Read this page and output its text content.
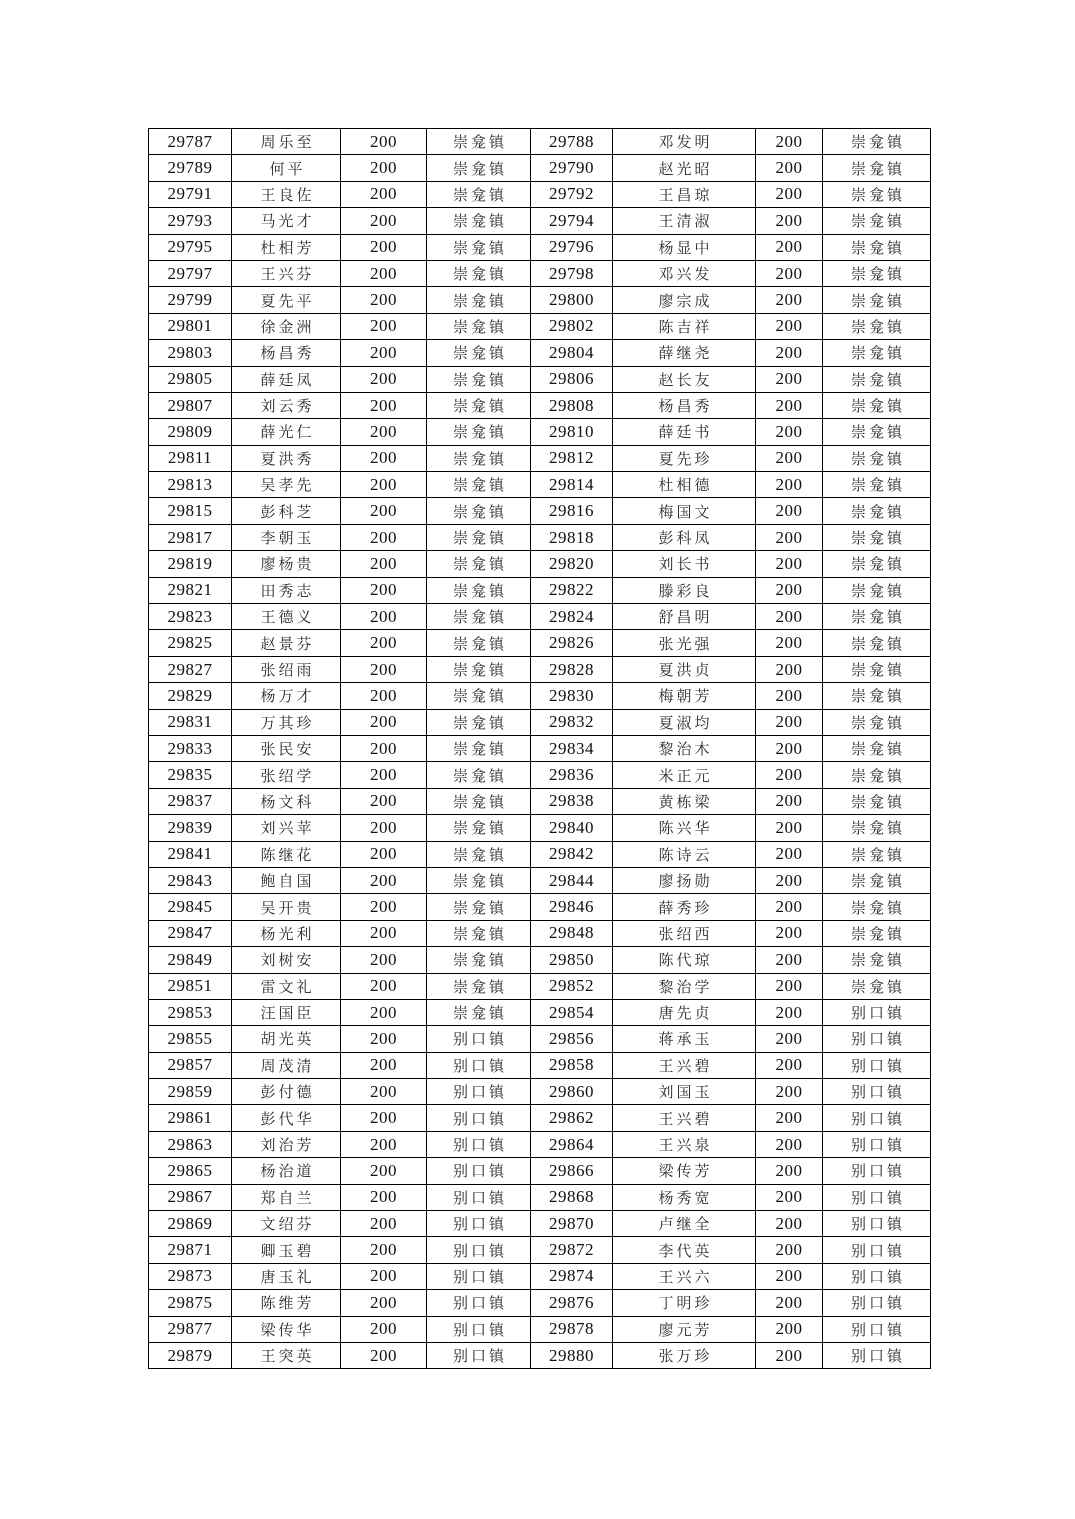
29787	周乐至	200	崇龛镇	29788	邓发明	200	崇龛镇
29789	何平	200	崇龛镇	29790	赵光昭	200	崇龛镇
29791	王良佐	200	崇龛镇	29792	王昌琼	200	崇龛镇
29793	马光才	200	崇龛镇	29794	王清淑	200	崇龛镇
29795	杜相芳	200	崇龛镇	29796	杨显中	200	崇龛镇
29797	王兴芬	200	崇龛镇	29798	邓兴发	200	崇龛镇
29799	夏先平	200	崇龛镇	29800	廖宗成	200	崇龛镇
29801	徐金洲	200	崇龛镇	29802	陈吉祥	200	崇龛镇
29803	杨昌秀	200	崇龛镇	29804	薛继尧	200	崇龛镇
29805	薛廷凤	200	崇龛镇	29806	赵长友	200	崇龛镇
29807	刘云秀	200	崇龛镇	29808	杨昌秀	200	崇龛镇
29809	薛光仁	200	崇龛镇	29810	薛廷书	200	崇龛镇
29811	夏洪秀	200	崇龛镇	29812	夏先珍	200	崇龛镇
29813	吴孝先	200	崇龛镇	29814	杜相德	200	崇龛镇
29815	彭科芝	200	崇龛镇	29816	梅国文	200	崇龛镇
29817	李朝玉	200	崇龛镇	29818	彭科凤	200	崇龛镇
29819	廖杨贵	200	崇龛镇	29820	刘长书	200	崇龛镇
29821	田秀志	200	崇龛镇	29822	滕彩良	200	崇龛镇
29823	王德义	200	崇龛镇	29824	舒昌明	200	崇龛镇
29825	赵景芬	200	崇龛镇	29826	张光强	200	崇龛镇
29827	张绍雨	200	崇龛镇	29828	夏洪贞	200	崇龛镇
29829	杨万才	200	崇龛镇	29830	梅朝芳	200	崇龛镇
29831	万其珍	200	崇龛镇	29832	夏淑均	200	崇龛镇
29833	张民安	200	崇龛镇	29834	黎治木	200	崇龛镇
29835	张绍学	200	崇龛镇	29836	米正元	200	崇龛镇
29837	杨文科	200	崇龛镇	29838	黄栋梁	200	崇龛镇
29839	刘兴苹	200	崇龛镇	29840	陈兴华	200	崇龛镇
29841	陈继花	200	崇龛镇	29842	陈诗云	200	崇龛镇
29843	鲍自国	200	崇龛镇	29844	廖扬勋	200	崇龛镇
29845	吴开贵	200	崇龛镇	29846	薛秀珍	200	崇龛镇
29847	杨光利	200	崇龛镇	29848	张绍西	200	崇龛镇
29849	刘树安	200	崇龛镇	29850	陈代琼	200	崇龛镇
29851	雷文礼	200	崇龛镇	29852	黎治学	200	崇龛镇
29853	汪国臣	200	崇龛镇	29854	唐先贞	200	别口镇
29855	胡光英	200	别口镇	29856	蒋承玉	200	别口镇
29857	周茂清	200	别口镇	29858	王兴碧	200	别口镇
29859	彭付德	200	别口镇	29860	刘国玉	200	别口镇
29861	彭代华	200	别口镇	29862	王兴碧	200	别口镇
29863	刘治芳	200	别口镇	29864	王兴泉	200	别口镇
29865	杨治道	200	别口镇	29866	梁传芳	200	别口镇
29867	郑自兰	200	别口镇	29868	杨秀宽	200	别口镇
29869	文绍芬	200	别口镇	29870	卢继全	200	别口镇
29871	卿玉碧	200	别口镇	29872	李代英	200	别口镇
29873	唐玉礼	200	别口镇	29874	王兴六	200	别口镇
29875	陈维芳	200	别口镇	29876	丁明珍	200	别口镇
29877	梁传华	200	别口镇	29878	廖元芳	200	别口镇
29879	王突英	200	别口镇	29880	张万珍	200	别口镇
